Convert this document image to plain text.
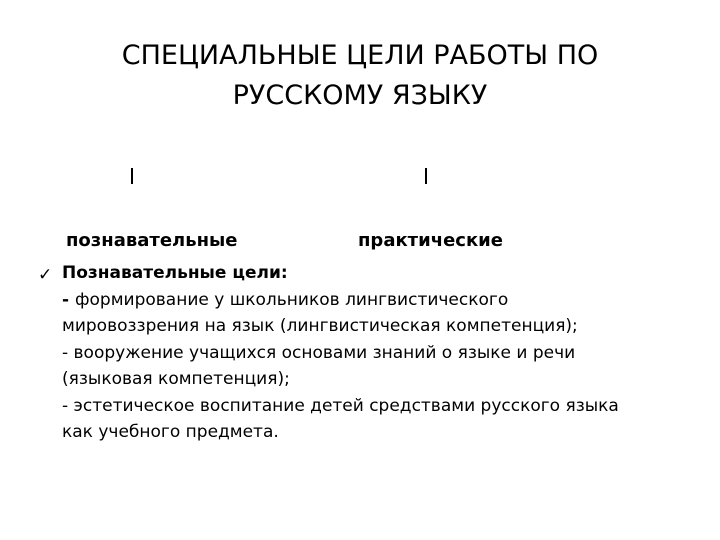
СПЕЦИАЛЬНЫЕ ЦЕЛИ РАБОТЫ ПО
РУССКОМУ ЯЗЫКУ
познавательные	практические
✓ Познавательные цели:
- формирование у школьников лингвистического
мировоззрения на язык (лингвистическая компетенция);
- вооружение учащихся основами знаний о языке и речи
(языковая компетенция);
- эстетическое воспитание детей средствами русского языка
как учебного предмета.
